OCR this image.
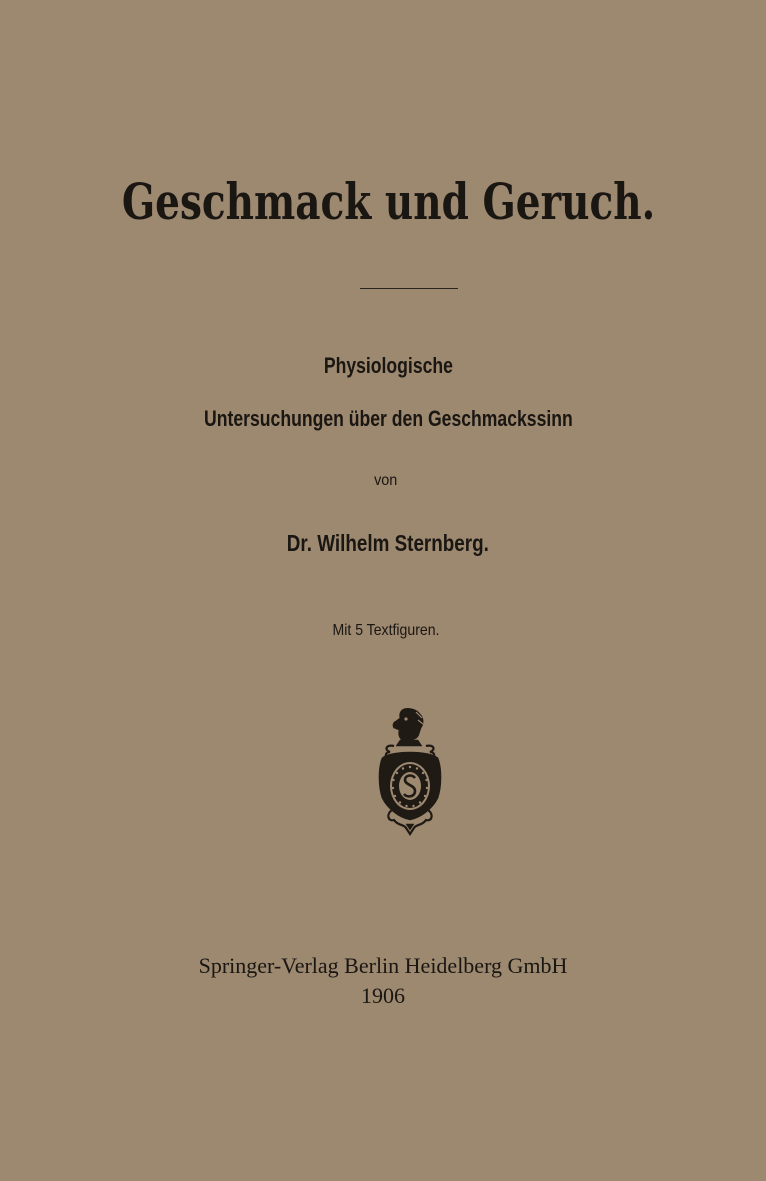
Geschmack und Geruch.
Physiologische
Untersuchungen über den Geschmackssinn
von
Dr. Wilhelm Sternberg.
Mit 5 Textfiguren.
Springer-Verlag Berlin Heidelberg GmbH
1906
